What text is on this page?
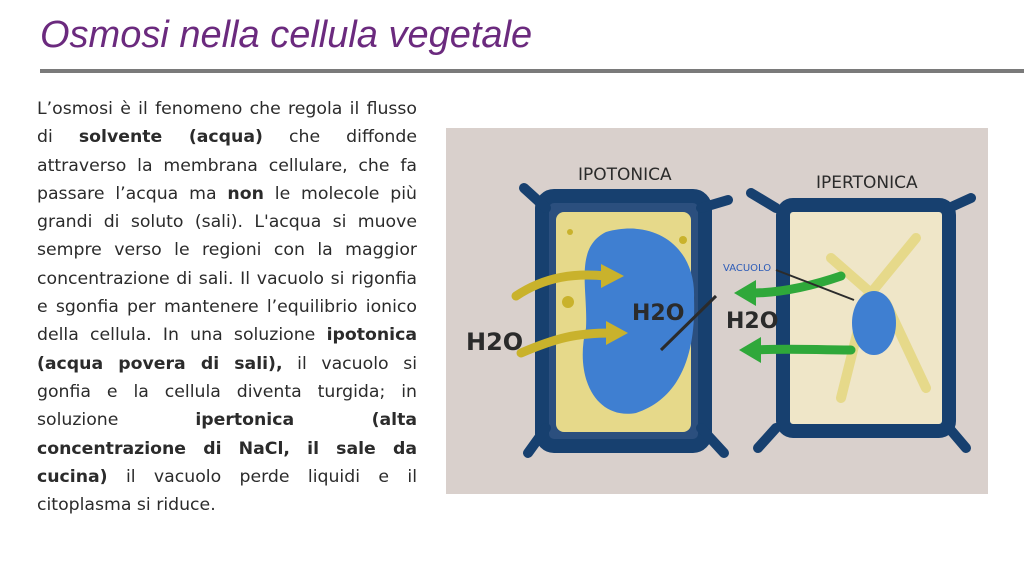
Osmosi nella cellula vegetale
L’osmosi è il fenomeno che regola il flusso di solvente (acqua) che diffonde attraverso la membrana cellulare, che fa passare l’acqua ma non le molecole più grandi di soluto (sali). L'acqua si muove sempre verso le regioni con la maggior concentrazione di sali. Il vacuolo si rigonfia e sgonfia per mantenere l’equilibrio ionico della cellula. In una soluzione ipotonica (acqua povera di sali), il vacuolo si gonfia e la cellula diventa turgida; in soluzione ipertonica (alta concentrazione di NaCl, il sale da cucina) il vacuolo perde liquidi e il citoplasma si riduce.
IPOTONICA	IPERTONICA
VACUOLO
H2O
H2O H2O
